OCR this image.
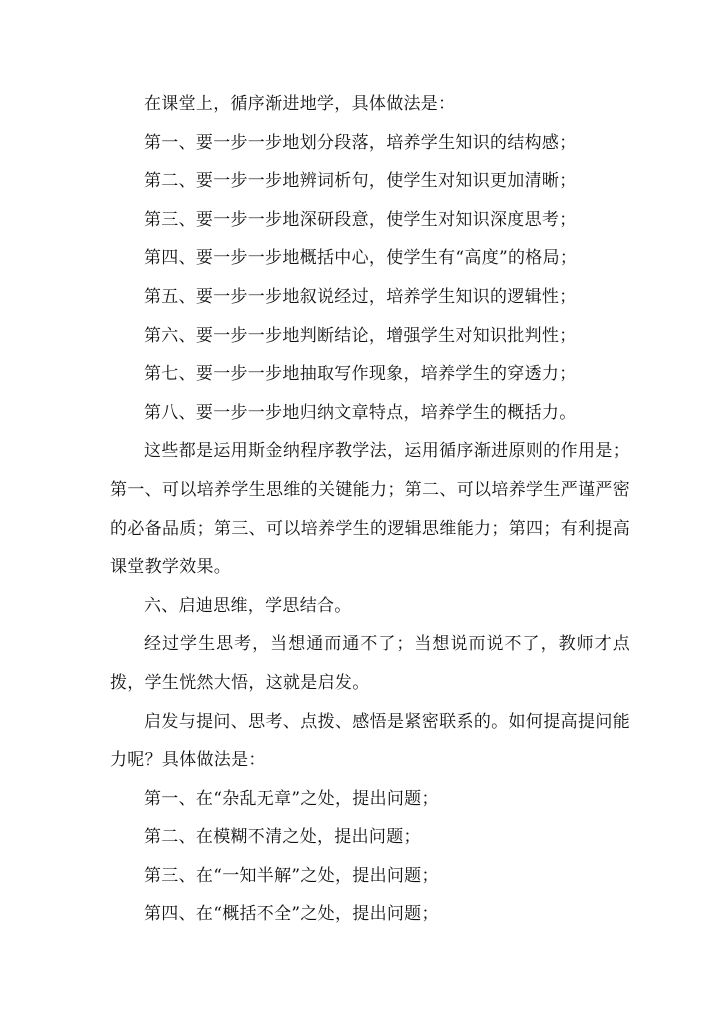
在课堂上，循序渐进地学，具体做法是：

第一、要一步一步地划分段落，培养学生知识的结构感；

第二、要一步一步地辨词析句，使学生对知识更加清晰；

第三、要一步一步地深研段意，使学生对知识深度思考；

第四、要一步一步地概括中心，使学生有“高度”的格局；

第五、要一步一步地叙说经过，培养学生知识的逻辑性；

第六、要一步一步地判断结论，增强学生对知识批判性；

第七、要一步一步地抽取写作现象，培养学生的穿透力；

第八、要一步一步地归纳文章特点，培养学生的概括力。

这些都是运用斯金纳程序教学法，运用循序渐进原则的作用是；第一、可以培养学生思维的关键能力；第二、可以培养学生严谨严密的必备品质；第三、可以培养学生的逻辑思维能力；第四；有利提高课堂教学效果。

六、启迪思维，学思结合。

经过学生思考，当想通而通不了；当想说而说不了，教师才点拨，学生恍然大悟，这就是启发。

启发与提问、思考、点拨、感悟是紧密联系的。如何提高提问能力呢？具体做法是：

第一、在“杂乱无章”之处，提出问题；

第二、在模糊不清之处，提出问题；

第三、在“一知半解”之处，提出问题；

第四、在“概括不全”之处，提出问题；
